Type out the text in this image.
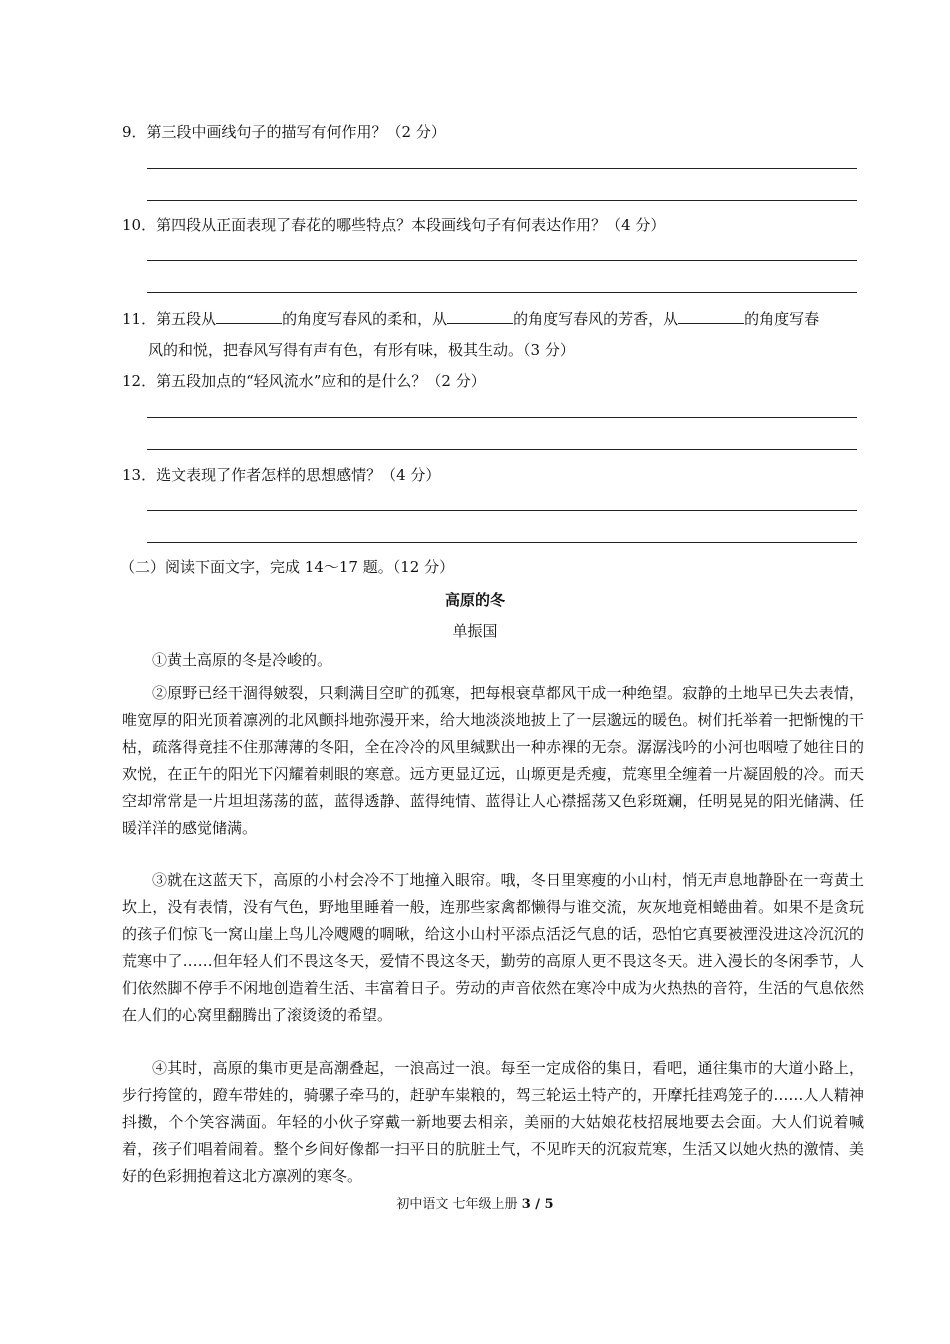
9．第三段中画线句子的描写有何作用？（2 分）
10．第四段从正面表现了春花的哪些特点？本段画线句子有何表达作用？（4 分）
11．第五段从	的角度写春风的柔和，从	的角度写春风的芳香，从	的角度写春
风的和悦，把春风写得有声有色，有形有味，极其生动。（3 分）
12．第五段加点的“轻风流水”应和的是什么？（2 分）
13．选文表现了作者怎样的思想感情？（4 分）
（二）阅读下面文字，完成 14～17 题。（12 分）
高原的冬
单振国
①黄土高原的冬是冷峻的。
②原野已经干涸得皴裂，只剩满目空旷的孤寒，把每根衰草都风干成一种绝望。寂静的土地早已失去表情，唯宽厚的阳光顶着凛冽的北风颤抖地弥漫开来，给大地淡淡地披上了一层邈远的暖色。树们托举着一把惭愧的干枯，疏落得竟挂不住那薄薄的冬阳，全在冷冷的风里缄默出一种赤裸的无奈。潺潺浅吟的小河也咽噎了她往日的欢悦，在正午的阳光下闪耀着刺眼的寒意。远方更显辽远，山塬更是秃瘦，荒寒里全缠着一片凝固般的冷。而天空却常常是一片坦坦荡荡的蓝，蓝得透静、蓝得纯情、蓝得让人心襟摇荡又色彩斑斓，任明晃晃的阳光储满、任暖洋洋的感觉储满。
③就在这蓝天下，高原的小村会冷不丁地撞入眼帘。哦，冬日里寒瘦的小山村，悄无声息地静卧在一弯黄土坎上，没有表情，没有气色，野地里睡着一般，连那些家禽都懒得与谁交流，灰灰地竟相蜷曲着。如果不是贪玩的孩子们惊飞一窝山崖上鸟儿冷飕飕的啁啾，给这小山村平添点活泛气息的话，恐怕它真要被湮没进这冷沉沉的荒寒中了……但年轻人们不畏这冬天，爱情不畏这冬天，勤劳的高原人更不畏这冬天。进入漫长的冬闲季节，人们依然脚不停手不闲地创造着生活、丰富着日子。劳动的声音依然在寒冷中成为火热热的音符，生活的气息依然在人们的心窝里翻腾出了滚烫烫的希望。
④其时，高原的集市更是高潮叠起，一浪高过一浪。每至一定成俗的集日，看吧，通往集市的大道小路上，步行挎筐的，蹬车带娃的，骑骡子牵马的，赶驴车粜粮的，驾三轮运土特产的，开摩托挂鸡笼子的……人人精神抖擞，个个笑容满面。年轻的小伙子穿戴一新地要去相亲，美丽的大姑娘花枝招展地要去会面。大人们说着喊着，孩子们唱着闹着。整个乡间好像都一扫平日的肮脏土气，不见昨天的沉寂荒寒，生活又以她火热的激情、美好的色彩拥抱着这北方凛冽的寒冬。
初中语文 七年级上册 3 / 5
